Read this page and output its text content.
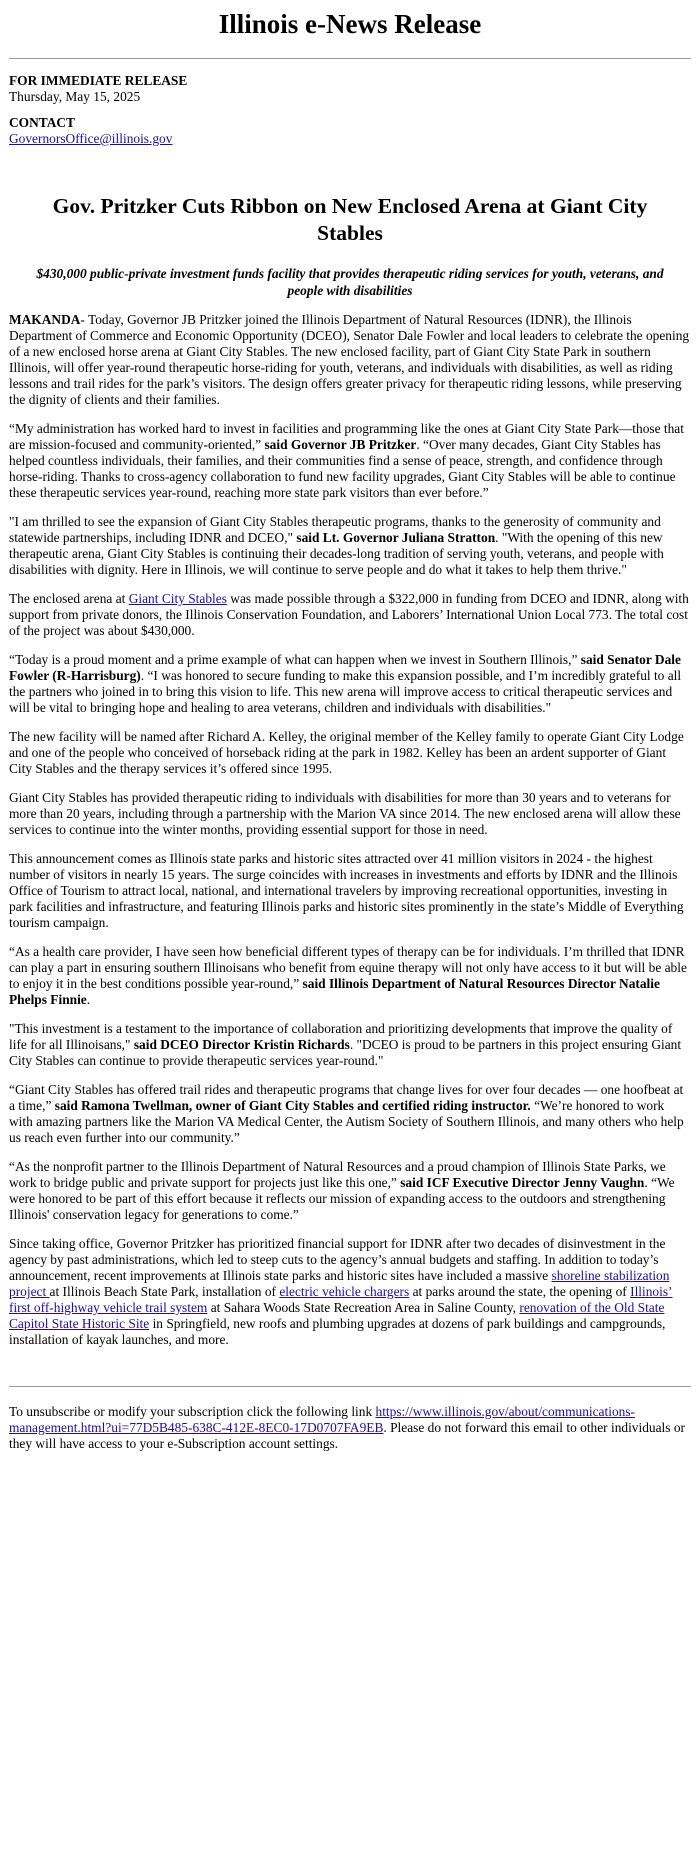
Illinois e-News Release
FOR IMMEDIATE RELEASE
Thursday, May 15, 2025
CONTACT
GovernorsOffice@illinois.gov
Gov. Pritzker Cuts Ribbon on New Enclosed Arena at Giant City Stables
$430,000 public-private investment funds facility that provides therapeutic riding services for youth, veterans, and people with disabilities

MAKANDA- Today, Governor JB Pritzker joined the Illinois Department of Natural Resources (IDNR), the Illinois Department of Commerce and Economic Opportunity (DCEO), Senator Dale Fowler and local leaders to celebrate the opening of a new enclosed horse arena at Giant City Stables. The new enclosed facility, part of Giant City State Park in southern Illinois, will offer year-round therapeutic horse-riding for youth, veterans, and individuals with disabilities, as well as riding lessons and trail rides for the park’s visitors. The design offers greater privacy for therapeutic riding lessons, while preserving the dignity of clients and their families.

“My administration has worked hard to invest in facilities and programming like the ones at Giant City State Park—those that are mission-focused and community-oriented,” said Governor JB Pritzker. “Over many decades, Giant City Stables has helped countless individuals, their families, and their communities find a sense of peace, strength, and confidence through horse-riding. Thanks to cross-agency collaboration to fund new facility upgrades, Giant City Stables will be able to continue these therapeutic services year-round, reaching more state park visitors than ever before.”

"I am thrilled to see the expansion of Giant City Stables therapeutic programs, thanks to the generosity of community and statewide partnerships, including IDNR and DCEO," said Lt. Governor Juliana Stratton. "With the opening of this new therapeutic arena, Giant City Stables is continuing their decades-long tradition of serving youth, veterans, and people with disabilities with dignity. Here in Illinois, we will continue to serve people and do what it takes to help them thrive."

The enclosed arena at Giant City Stables was made possible through a $322,000 in funding from DCEO and IDNR, along with support from private donors, the Illinois Conservation Foundation, and Laborers’ International Union Local 773. The total cost of the project was about $430,000.

“Today is a proud moment and a prime example of what can happen when we invest in Southern Illinois,” said Senator Dale Fowler (R-Harrisburg). “I was honored to secure funding to make this expansion possible, and I’m incredibly grateful to all the partners who joined in to bring this vision to life. This new arena will improve access to critical therapeutic services and will be vital to bringing hope and healing to area veterans, children and individuals with disabilities."

The new facility will be named after Richard A. Kelley, the original member of the Kelley family to operate Giant City Lodge and one of the people who conceived of horseback riding at the park in 1982. Kelley has been an ardent supporter of Giant City Stables and the therapy services it’s offered since 1995.

Giant City Stables has provided therapeutic riding to individuals with disabilities for more than 30 years and to veterans for more than 20 years, including through a partnership with the Marion VA since 2014. The new enclosed arena will allow these services to continue into the winter months, providing essential support for those in need.

This announcement comes as Illinois state parks and historic sites attracted over 41 million visitors in 2024 - the highest number of visitors in nearly 15 years. The surge coincides with increases in investments and efforts by IDNR and the Illinois Office of Tourism to attract local, national, and international travelers by improving recreational opportunities, investing in park facilities and infrastructure, and featuring Illinois parks and historic sites prominently in the state’s Middle of Everything tourism campaign.

“As a health care provider, I have seen how beneficial different types of therapy can be for individuals. I’m thrilled that IDNR can play a part in ensuring southern Illinoisans who benefit from equine therapy will not only have access to it but will be able to enjoy it in the best conditions possible year-round,” said Illinois Department of Natural Resources Director Natalie Phelps Finnie.

"This investment is a testament to the importance of collaboration and prioritizing developments that improve the quality of life for all Illinoisans," said DCEO Director Kristin Richards. "DCEO is proud to be partners in this project ensuring Giant City Stables can continue to provide therapeutic services year-round."

“Giant City Stables has offered trail rides and therapeutic programs that change lives for over four decades — one hoofbeat at a time,” said Ramona Twellman, owner of Giant City Stables and certified riding instructor. “We’re honored to work with amazing partners like the Marion VA Medical Center, the Autism Society of Southern Illinois, and many others who help us reach even further into our community.”

“As the nonprofit partner to the Illinois Department of Natural Resources and a proud champion of Illinois State Parks, we work to bridge public and private support for projects just like this one,” said ICF Executive Director Jenny Vaughn. “We were honored to be part of this effort because it reflects our mission of expanding access to the outdoors and strengthening Illinois' conservation legacy for generations to come.”

Since taking office, Governor Pritzker has prioritized financial support for IDNR after two decades of disinvestment in the agency by past administrations, which led to steep cuts to the agency’s annual budgets and staffing. In addition to today’s announcement, recent improvements at Illinois state parks and historic sites have included a massive shoreline stabilization project at Illinois Beach State Park, installation of electric vehicle chargers at parks around the state, the opening of Illinois’ first off-highway vehicle trail system at Sahara Woods State Recreation Area in Saline County, renovation of the Old State Capitol State Historic Site in Springfield, new roofs and plumbing upgrades at dozens of park buildings and campgrounds, installation of kayak launches, and more.

To unsubscribe or modify your subscription click the following link https://www.illinois.gov/about/communications-management.html?ui=77D5B485-638C-412E-8EC0-17D0707FA9EB. Please do not forward this email to other individuals or they will have access to your e-Subscription account settings.
